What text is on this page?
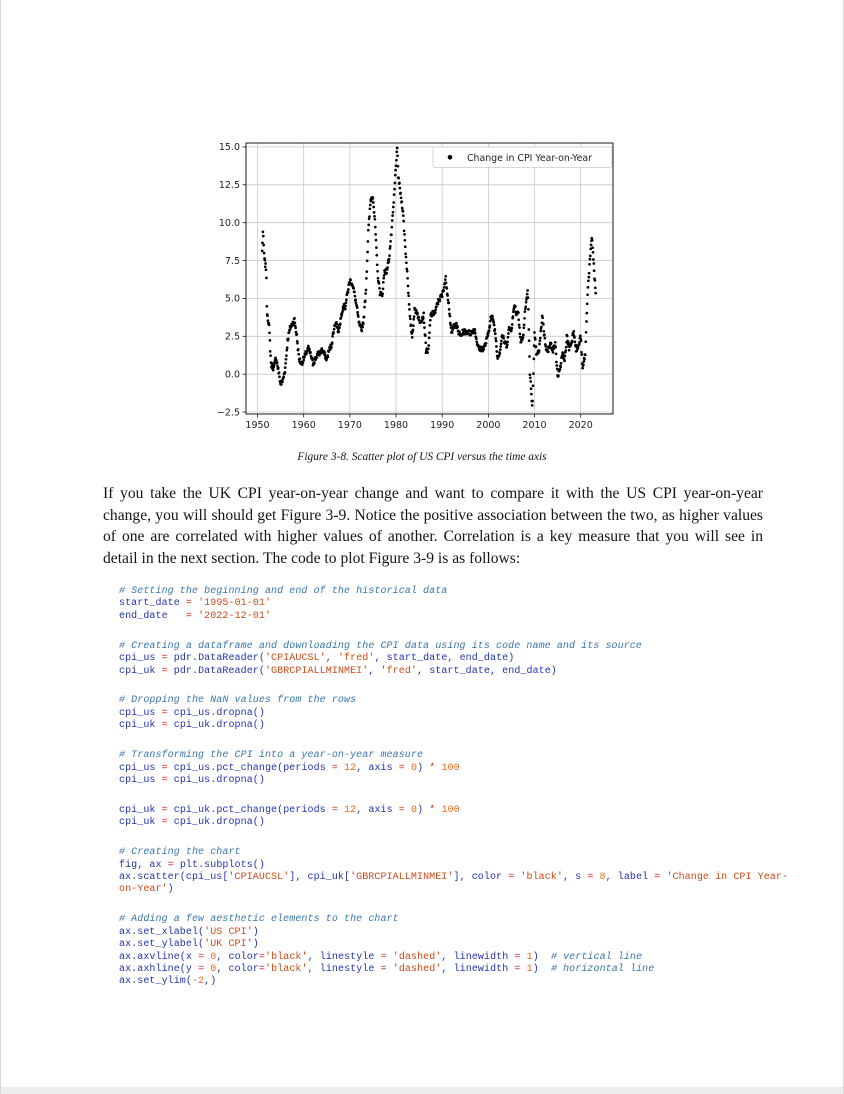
1950 1960 1970 1980 1990 2000 2010 2020
15.0
12.5
10.0
7.5
5.0
2.5
0.0
−2.5
Change in CPI Year-on-Year
Figure 3-8. Scatter plot of US CPI versus the time axis
If you take the UK CPI year-on-year change and want to compare it with the US CPI year-on-year change, you will should get Figure 3-9. Notice the positive association between the two, as higher values of one are correlated with higher values of another. Correlation is a key measure that you will see in detail in the next section. The code to plot Figure 3-9 is as follows:
# Setting the beginning and end of the historical data
start_date = '1995-01-01'
end_date   = '2022-12-01'
# Creating a dataframe and downloading the CPI data using its code name and its source
cpi_us = pdr.DataReader('CPIAUCSL', 'fred', start_date, end_date)
cpi_uk = pdr.DataReader('GBRCPIALLMINMEI', 'fred', start_date, end_date)
# Dropping the NaN values from the rows
cpi_us = cpi_us.dropna()
cpi_uk = cpi_uk.dropna()
# Transforming the CPI into a year-on-year measure
cpi_us = cpi_us.pct_change(periods = 12, axis = 0) * 100
cpi_us = cpi_us.dropna()
cpi_uk = cpi_uk.pct_change(periods = 12, axis = 0) * 100
cpi_uk = cpi_uk.dropna()
# Creating the chart
fig, ax = plt.subplots()
ax.scatter(cpi_us['CPIAUCSL'], cpi_uk['GBRCPIALLMINMEI'], color = 'black', s = 8, label = 'Change in CPI Year-on-Year')
# Adding a few aesthetic elements to the chart
ax.set_xlabel('US CPI')
ax.set_ylabel('UK CPI')
ax.axvline(x = 0, color='black', linestyle = 'dashed', linewidth = 1)  # vertical line
ax.axhline(y = 0, color='black', linestyle = 'dashed', linewidth = 1)  # horizontal line
ax.set_ylim(-2,)
